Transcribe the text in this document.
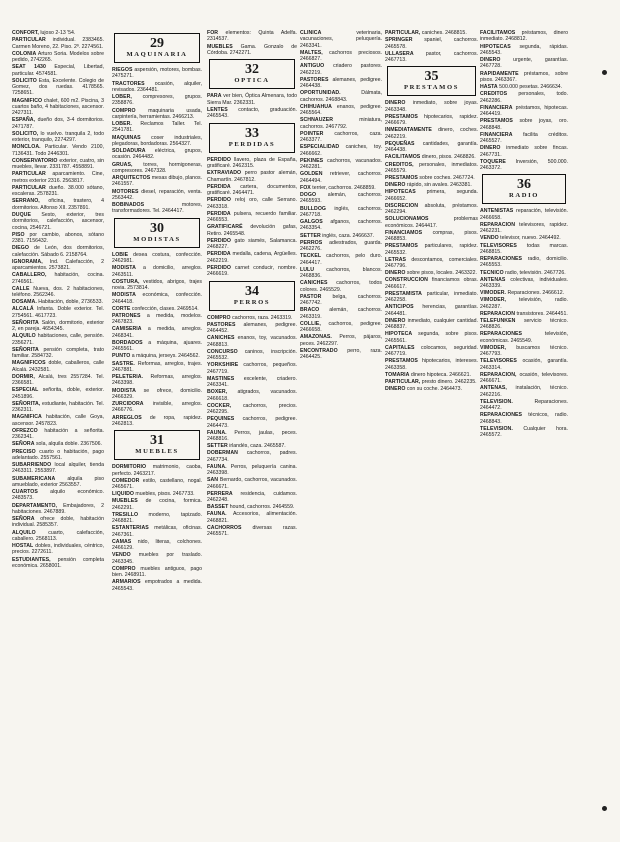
CONFORT, lujoso 2-13 '54.

PARTICULAR individual. 2383465. Carmen Moreno, 22. Piso. 2º. 2274561.

COLONIA Arturo Soria. Modelos sobre pedido, 2742265.

SEAT 1430 Especial, Libertad, particular. 4574581.

SOLICITO Esta, Excelente. Colegio de Gomez, dos ruedas. 4178565. 7258651.

MAGNIFICO chalet, 600 m2. Piscina, 3 cuartos baño, 4 habitaciones, ascensor. 2427311.

ESPAÑA, dueño dos, 3-4 dormitorios. 2471787.

SOLICITO, lo vuelvo. tranquila 2, todo exterior, tranquilo, 2274297.

MONCLOA. Particular. Vendo 2100, 7136431. Todo 2446301.

CONSERVATORIO exterior, cuatro, sin muebles, llevar. 2331787. 4558891.

PARTICULAR aparcamiento. Cine, metros exterior 2316. 2563817.

PARTICULAR dueño. 38.000 sótano, escaleras. 2578231.

SERRANO, oficina, trastero, 4 dormitorios. Alfonso XII. 2357891.

DUQUE Sesto, exterior, tres dormitorios, calefacción, ascensor, cocina, 2546721.

PISO por cambio, abonos, sótano 2381. 7156432.

DIEGO de León, dos dormitorios, calefacción. Sábado 6. 2158764.

IGNORAMA, Ind. Calefacción, 2 aparcamientos. 2573821.

CABALLERO, habitación, cocina. 2746561.

CALLE Nueva, dos. 2 habitaciones, teléfono. 2562346.

DOSAMA. Habitación, doble, 2736533.

ALCALÁ Infanta. Doble exterior. Tel. 2754561. 4617723.

SEÑORITA Salón, dormitorio, exterior 2, en pareja. 4654345.

ALQUILO habitaciones, calle, pensión. 2356271.

SEÑORITA pensión completa, trato familiar. 2584732.

MAGNIFICOS doble, caballeros, calle Alcalá. 2432581.

DORMIR, Alcalá, tres 2557284. Tel. 2366581.

ESPECIAL señorita, doble, exterior. 2451896.

SEÑORITA, estudiante, habitación. Tel. 2362311.

MAGNIFICA habitación, calle Goya, ascensor. 2457823.

OFREZCO habitación a señorita. 2362341.

SEÑORA sola, alquila doble. 2367506.

PRECISO cuarto o habitación, pago adelantado. 2557561.

SUBARRIENDO local alquiler, tienda 2463311. 2553897.

SUBAMERICANA alquila piso amueblado, exterior 2563557.

CUARTOS alquilo económico. 2483573.

DEPARTAMENTO, Embajadores, 2 habitaciones. 2467889.

SEÑORA ofrece doble, habitación individual. 2585357.

ALQUILO cuarto, calefacción, caballero. 2568113.

HOSTAL dobles, individuales, céntrico, precios. 2272611.

ESTUDIANTES, pensión completa económica. 2658001.

29
MAQUINARIA

RIEGOS aspersión, motores, bombas. 2475271.

TRACTORES ocasión, alquiler, revisados. 2364481.

LOBER, compresores, grupos. 2358876.

COMPRO maquinaria usada, carpintería, herramientas. 2466213.

LOBER. Reclamos Taller. Tel. 2541781.

MAQUINAS coser industriales, plegadoras, bordadoras. 2564327.

SOLDADURA eléctrica, grupos, ocasión. 2464482.

GRUAS, torres, hormigoneras, compresores. 2467328.

ARQUITECTOS mesas dibujo, planos. 2461557.

MOTORES diesel, reparación, venta. 2563442.

BOBINADOS motores, transformadores. Tel. 2464417.

30
MODISTAS

LOBIE desea costura, confección. 2462981.

MODISTA a domicilio, arreglos. 2463511.

COSTURA, vestidos, abrigos, trajes novia. 2573814.

MODISTA económica, confección. 2464418.

CORTE confección, clases. 2469514.

PATRONES a medida, modelos. 2467823.

CAMISERIA a medida, arreglos. 2468341.

BORDADOS a máquina, ajuares. 2465561.

PUNTO a máquina, jerseys. 2464562.

SASTRE. Reformas, arreglos, trajes. 2467881.

PELETERIA. Reformas, arreglos. 2463398.

MODISTA se ofrece, domicilio. 2466329.

ZURCIDORA invisible, arreglos. 2466776.

ARREGLOS de ropa, rapidez. 2462813.

31
MUEBLES

DORMITORIO matrimonio, caoba, perfecto. 2463217.

COMEDOR estilo, castellano, nogal. 2465671.

LIQUIDO muebles, pisos. 2467733.

MUEBLES de cocina, formica. 2462291.

TRESILLO moderno, tapizado. 2468821.

ESTANTERIAS metálicas, oficinas. 2467361.

CAMAS nido, literas, colchones. 2466129.

VENDO muebles por traslado. 2463345.

COMPRO muebles antiguos, pago bien. 2468911.

ARMARIOS empotrados a medida. 2465543.

FOR elementos: Quinta Adelfa. 2314537.

MUEBLES Gama. Gonzalo de Córdoba. 2742271.

32
OPTICA

PARA ver bien, Óptica Almenara, todo Sierra Mar. 2362331.

LENTES contacto, graduación. 2465543.

33
PERDIDAS

PERDIDO llavero, plaza de España, gratificaré. 2462315.

EXTRAVIADO perro pastor alemán, Chamartín. 2467812.

PERDIDA cartera, documentos, gratificaré. 2464471.

PERDIDO reloj oro, calle Serrano. 2463318.

PERDIDA pulsera, recuerdo familiar. 2466553.

GRATIFICARÉ devolución gafas, Retiro. 2465548.

PERDIDO gato siamés, Salamanca. 2468227.

PERDIDA medalla, cadena, Argüelles. 2462219.

PERDIDO carnet conducir, nombre. 2466619.

34
PERROS

COMPRO cachorros, raza. 2463319.

PASTORES alemanes, pedigree. 2464452.

CANICHES enanos, toy, vacunados. 2468813.

CONCURSO caninos, inscripción. 2465532.

YORKSHIRE cachorros, pequeños. 2467719.

MASTINES excelente, criadero. 2463341.

BOXER, atigrados, vacunados. 2466618.

COCKER, cachorros, precios. 2462295.

PEQUINES cachorros, pedigree. 2464473.

FAUNA. Perros, jaulas, peces. 2468816.

SETTER irlandés, caza. 2465587.

DOBERMAN cachorros, padres. 2467734.

FAUNA. Perros, peluquería canina. 2463398.

SAN Bernardo, cachorros, vacunados. 2466671.

PERRERA residencia, cuidamos. 2462248.

BASSET hound, cachorros. 2464559.

FAUNA. Accesorios, alimentación. 2468821.

CACHORROS diversas razas. 2465571.

CLINICA veterinaria, vacunaciones, peluquería. 2463341.

MALTES, cachorros preciosos. 2466827.

ANTIGUO criadero pastores. 2462219.

PASTORES alemanes, pedigree. 2464438.

OPORTUNIDAD. Dálmata, cachorros. 2468843.

CHIHUAHUA enanos, pedigree. 2465564.

SCHNAUZER miniatura, cachorros. 2467792.

POINTER cachorros, caza. 2463377.

ESPECIALIDAD caniches, toy. 2466662.

PEKINES cachorros, vacunados. 2462281.

GOLDEN retriever, cachorros. 2464494.

FOX terrier, cachorros. 2468859.

DOGO alemán, cachorros. 2465593.

BULLDOG inglés, cachorros. 2467718.

GALGOS afganos, cachorros. 2463354.

SETTER inglés, caza. 2466637.

PERROS adiestrados, guarda. 2462276.

TECKEL cachorros, pelo duro. 2464417.

LULU cachorros, blancos. 2468836.

CANICHES cachorros, todos colores. 2465529.

PASTOR belga, cachorros. 2467742.

BRACO alemán, cachorros. 2463319.

COLLIE, cachorros, pedigree. 2466658.

AMAZONAS. Perros, pájaros, peces. 2462297.

ENCONTRADO perro, raza. 2464425.

PARTICULAR, caniches. 2468815.

SPRINGER spaniel, cachorros. 2465578.

ULLASERA pastor, cachorros. 2467713.

35
PRESTAMOS

DINERO inmediato, sobre joyas. 2463348.

PRESTAMOS hipotecarios, rapidez. 2466679.

INMEDIATAMENTE dinero, coches. 2462219.

PEQUEÑAS cantidades, garantía. 2464438.

FACILITAMOS dinero, pisos. 2468826.

CREDITOS, personales, inmediatos. 2465579.

PRESTAMOS sobre coches. 2467724.

DINERO rápido, sin avales. 2463381.

HIPOTECAS primera, segunda. 2466652.

DISCRECION absoluta, préstamos. 2462294.

SOLUCIONAMOS problemas económicos. 2464417.

FINANCIAMOS compras, pisos. 2468853.

PRESTAMOS particulares, rapidez. 2465532.

LETRAS descontamos, comerciales. 2467796.

DINERO sobre pisos, locales. 2463322.

CONSTRUCCION financiamos obras. 2466617.

PRESTAMISTA particular, inmediato. 2462258.

ANTICIPOS herencias, garantías. 2464481.

DINERO inmediato, cualquier cantidad. 2468837.

HIPOTECA segunda, sobre pisos. 2465561.

CAPITALES colocamos, seguridad. 2467719.

PRESTAMOS hipotecarios, intereses. 2463358.

TOMARIA dinero hipoteca. 2466621.

PARTICULAR, presto dinero. 2462235.

DINERO con su coche. 2464473.

FACILITAMOS préstamos, dinero inmediato. 2468812.

HIPOTECAS segunda, rápidas. 2465543.

DINERO urgente, garantías. 2467728.

RAPIDAMENTE préstamos, sobre pisos. 2463367.

HASTA 500.000 pesetas. 2466634.

CREDITOS personales, todo. 2462286.

FINANCIERA préstamos, hipotecas. 2464419.

PRESTAMOS sobre joyas, oro. 2468848.

FINANCIERA facilita créditos. 2465527.

DINERO inmediato sobre fincas. 2467731.

TOQUERE Inversión, 500.000. 2463372.

36
RADIO

ANTENISTAS reparación, televisión. 2466658.

REPARACION televisores, rapidez. 2462231.

VENDO televisor, nuevo. 2464492.

TELEVISORES todas marcas. 2468815.

REPARACIONES radio, domicilio. 2465553.

TECNICO radio, televisión. 2467726.

ANTENAS colectivas, individuales. 2463339.

VIMODER. Reparaciones. 2466612.

VIMODER, televisión, radio. 2462287.

REPARACION transistores. 2464451.

TELEFUNKEN servicio técnico. 2468826.

REPARACIONES televisión, económicas. 2465549.

VIMODER, buscamos técnico. 2467793.

TELEVISORES ocasión, garantía. 2463314.

REPARACION, ocasión, televisores. 2466671.

ANTENAS, instalación, técnico. 2462216.

TELEVISION. Reparaciones. 2464472.

REPARACIONES técnicos, radio. 2468843.

TELEVISION. Cualquier hora. 2465572.
